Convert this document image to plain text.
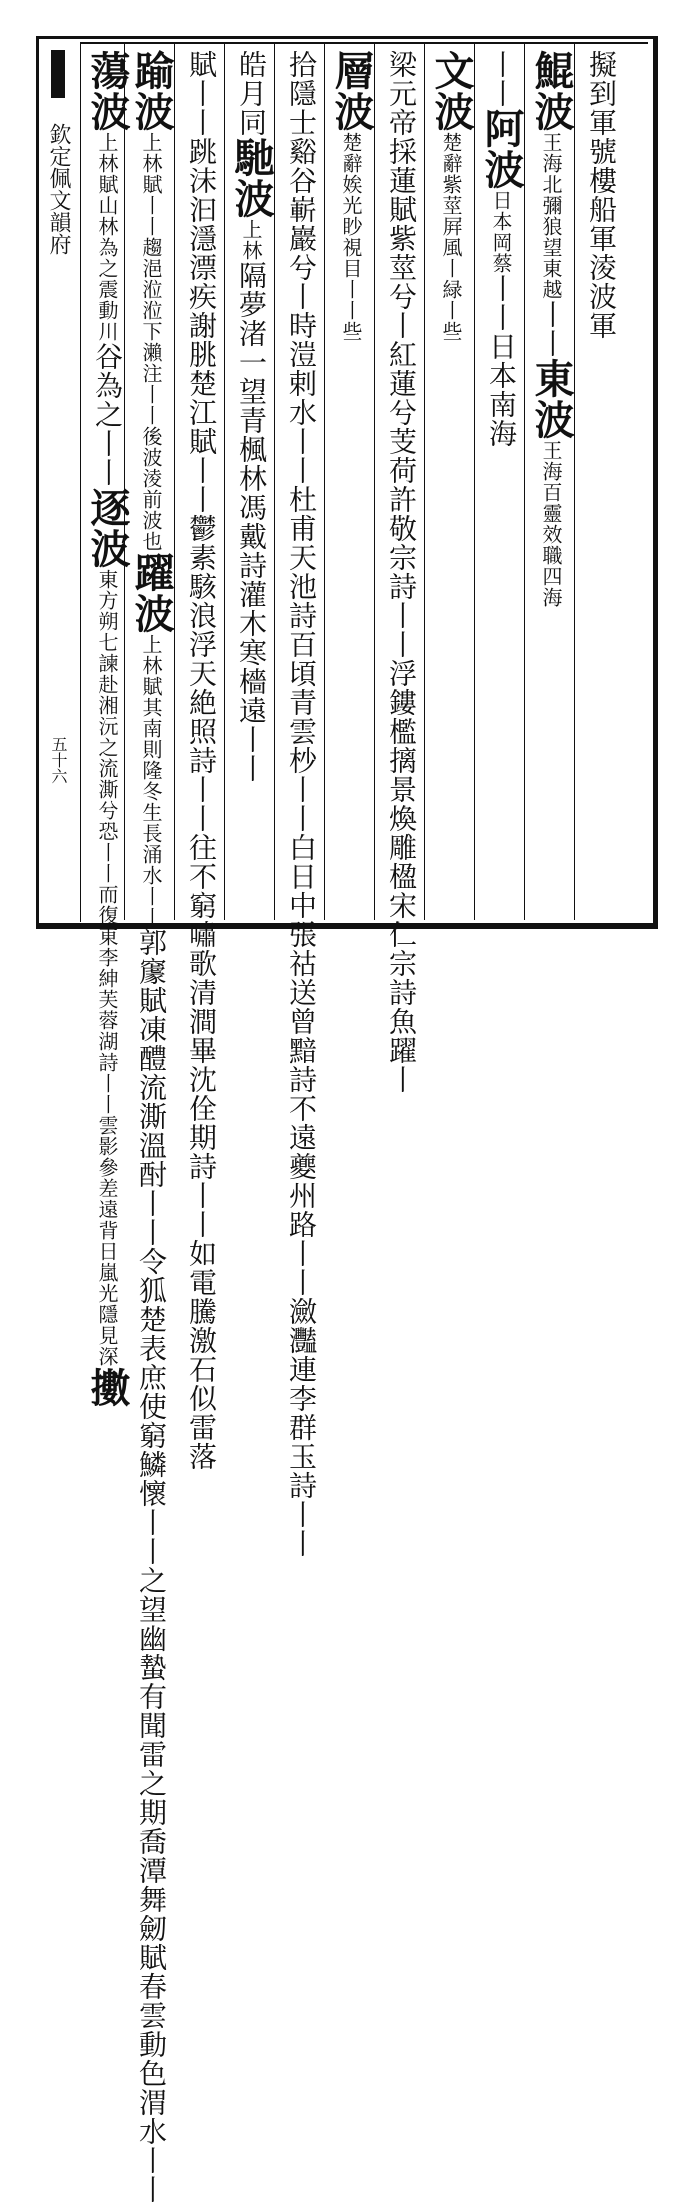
欽定佩文韻府
五十六
擬到軍號樓船軍淩波軍
鯤波王海北彌狼望東越丨丨東波王海百靈效職四海
丨丨阿波日本岡蔡丨丨日本南海
文波楚辭紫莖屛風丨緑丨些
梁元帝採蓮賦紫莖兮丨紅蓮兮芰荷許敬宗詩丨丨浮鏤檻摛景煥雕楹宋仁宗詩魚躍丨
層波楚辭娭光眇視目丨丨些
拾隱士谿谷嶄巖兮丨時溰剌水丨丨杜甫天池詩百頃青雲杪丨丨白日中張祜送曾黯詩不遠夔州路丨丨瀲灩連李群玉詩丨丨
皓月同馳波上林隔夢渚一望青楓林馮戴詩灌木寒檣遠丨丨
賦丨丨跳沫汩濦漂疾謝朓楚江賦丨丨鬱素駭浪浮天絶照詩丨丨往不窮嘯歌清澗畢沈佺期詩丨丨如電騰激石似雷落
踰波上林賦丨丨趨浥涖涖下瀨注丨丨後波淩前波也躍波上林賦其南則隆冬生長涌水丨丨郭䆽賦凍醴流澌溫酎丨丨令狐楚表庶使窮鱗懷丨丨之望幽蟄有聞雷之期喬潭舞劒賦春雲動色渭水丨丨
蕩波上林賦山林為之震動川谷為之丨丨逐波東方朔七諫赴湘沅之流澌兮恐丨丨而復東李紳芙蓉湖詩丨丨雲影參差遠背日嵐光隱見深擻
